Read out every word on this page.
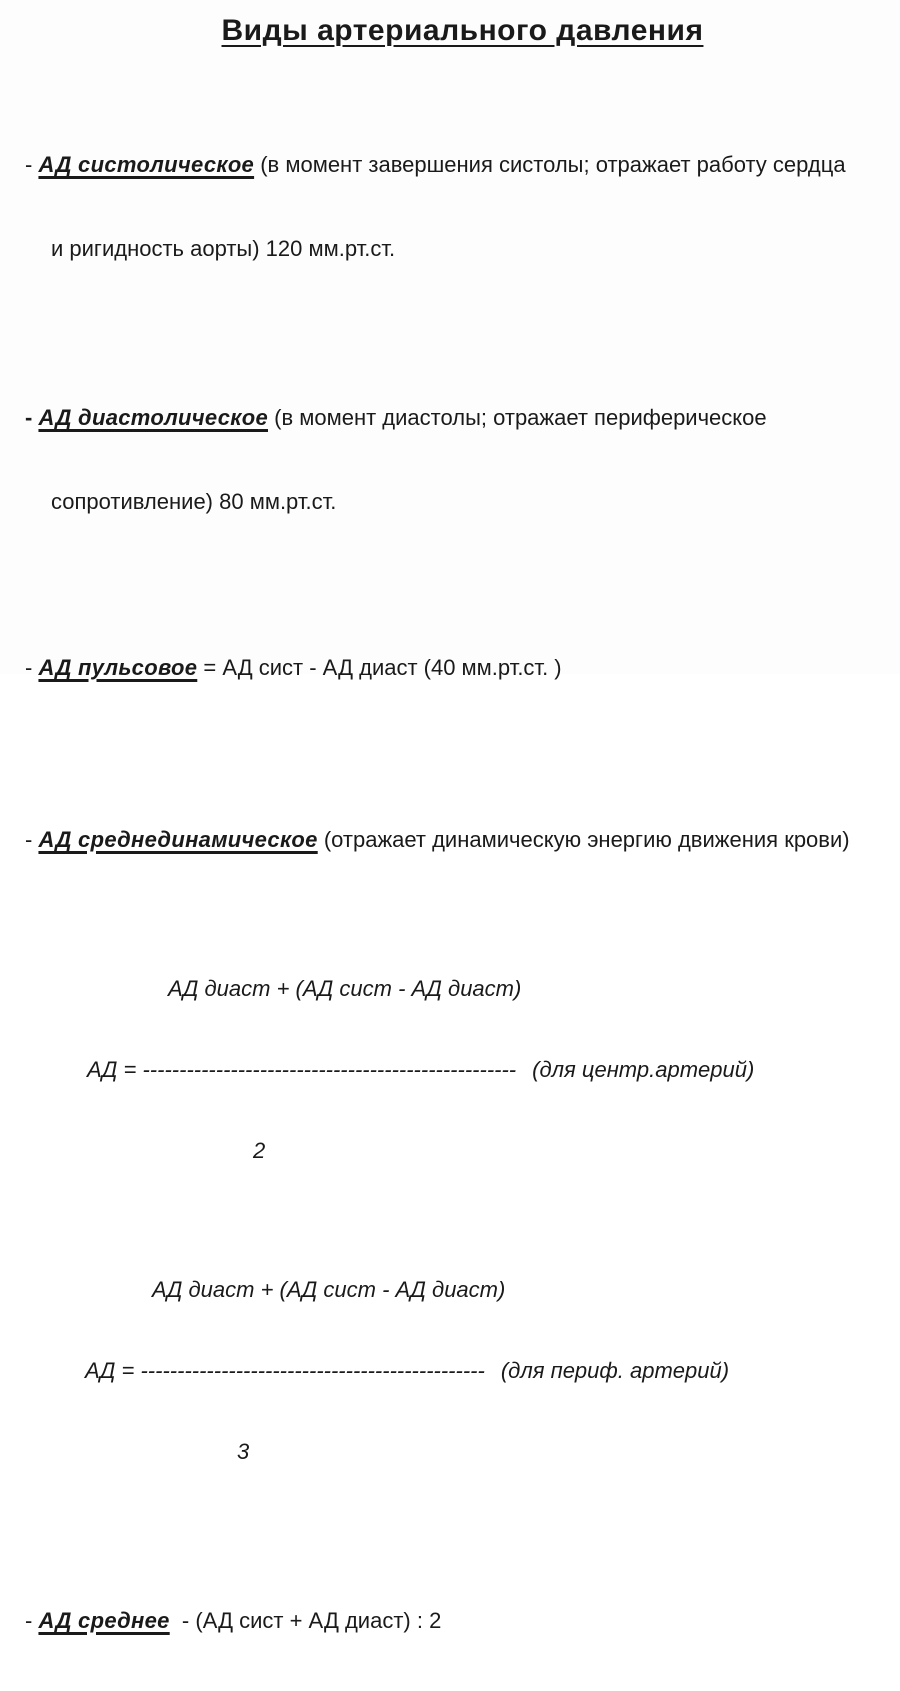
Виды артериального давления

- АД систолическое (в момент завершения систолы; отражает работу сердца

и ригидность аорты) 120 мм.рт.ст.

- АД диастолическое (в момент диастолы; отражает периферическое

сопротивление) 80 мм.рт.ст.

- АД пульсовое = АД сист - АД диаст (40 мм.рт.ст. )

- АД среднединамическое (отражает динамическую энергию движения крови)

АД диаст + (АД сист - АД диаст)

АД = --------------------------------------------------- (для центр.артерий)

2

АД диаст + (АД сист - АД диаст)

АД = ----------------------------------------------- (для периф. артерий)

3

- АД среднее  - (АД сист + АД диаст) : 2
